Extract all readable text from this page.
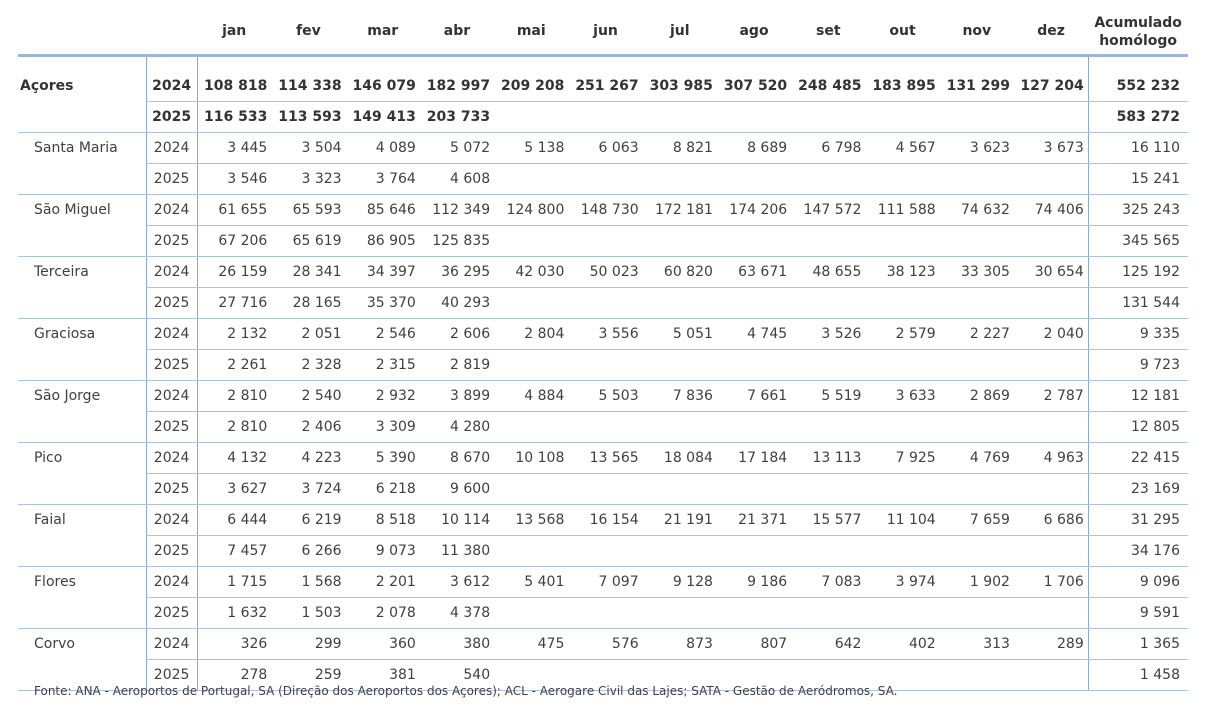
		jan	fev	mar	abr	mai	jun	jul	ago	set	out	nov	dez	Acumulado
homólogo

Açores	2024	108 818	114 338	146 079	182 997	209 208	251 267	303 985	307 520	248 485	183 895	131 299	127 204	552 232
	2025	116 533	113 593	149 413	203 733									583 272
Santa Maria	2024	3 445	3 504	4 089	5 072	5 138	6 063	8 821	8 689	6 798	4 567	3 623	3 673	16 110
	2025	3 546	3 323	3 764	4 608									15 241
São Miguel	2024	61 655	65 593	85 646	112 349	124 800	148 730	172 181	174 206	147 572	111 588	74 632	74 406	325 243
	2025	67 206	65 619	86 905	125 835									345 565
Terceira	2024	26 159	28 341	34 397	36 295	42 030	50 023	60 820	63 671	48 655	38 123	33 305	30 654	125 192
	2025	27 716	28 165	35 370	40 293									131 544
Graciosa	2024	2 132	2 051	2 546	2 606	2 804	3 556	5 051	4 745	3 526	2 579	2 227	2 040	9 335
	2025	2 261	2 328	2 315	2 819									9 723
São Jorge	2024	2 810	2 540	2 932	3 899	4 884	5 503	7 836	7 661	5 519	3 633	2 869	2 787	12 181
	2025	2 810	2 406	3 309	4 280									12 805
Pico	2024	4 132	4 223	5 390	8 670	10 108	13 565	18 084	17 184	13 113	7 925	4 769	4 963	22 415
	2025	3 627	3 724	6 218	9 600									23 169
Faial	2024	6 444	6 219	8 518	10 114	13 568	16 154	21 191	21 371	15 577	11 104	7 659	6 686	31 295
	2025	7 457	6 266	9 073	11 380									34 176
Flores	2024	1 715	1 568	2 201	3 612	5 401	7 097	9 128	9 186	7 083	3 974	1 902	1 706	9 096
	2025	1 632	1 503	2 078	4 378									9 591
Corvo	2024	326	299	360	380	475	576	873	807	642	402	313	289	1 365
	2025	278	259	381	540									1 458
Fonte: ANA - Aeroportos de Portugal, SA (Direção dos Aeroportos dos Açores); ACL - Aerogare Civil das Lajes; SATA - Gestão de Aeródromos, SA.
